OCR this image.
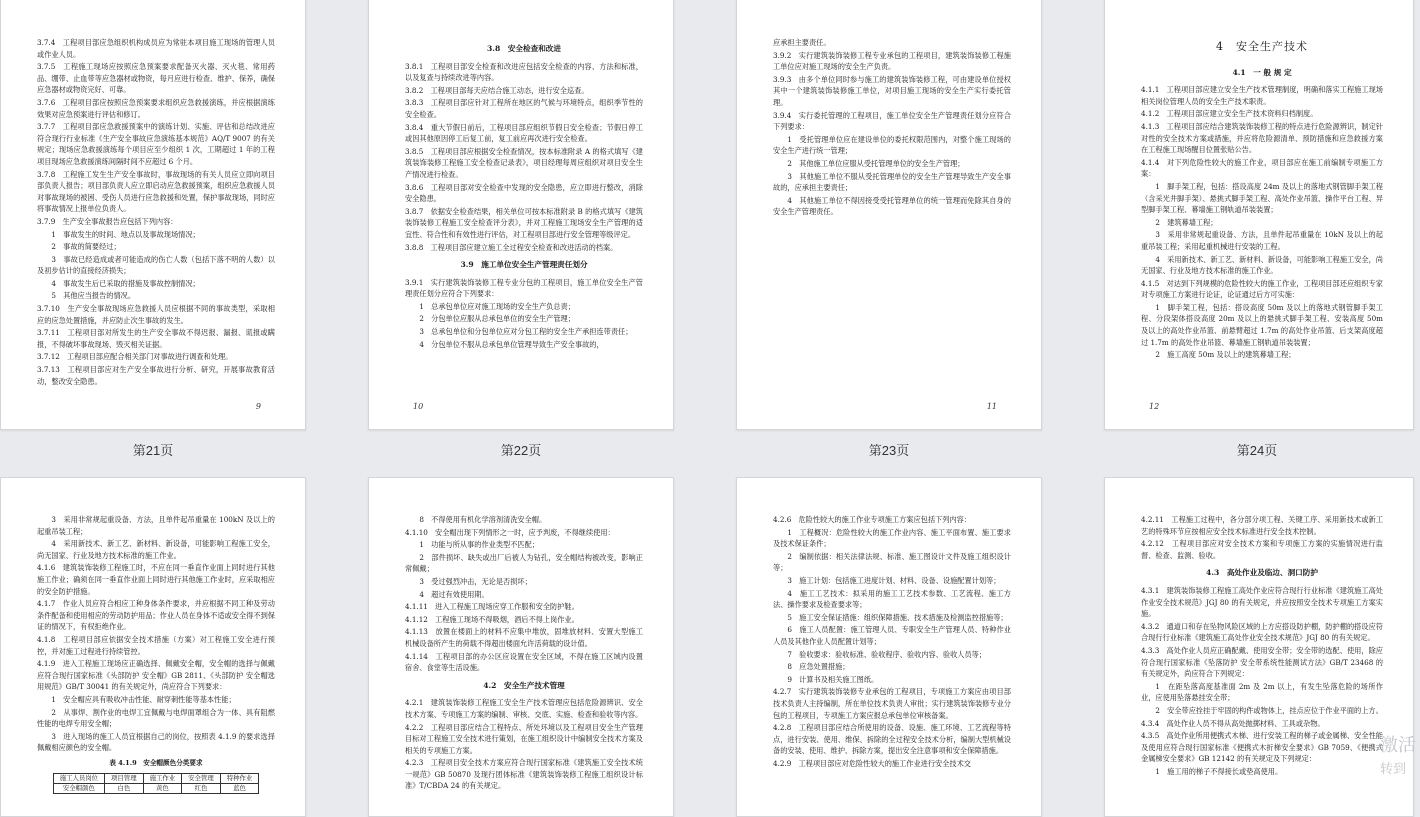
3.7.4　工程项目部应急组织机构成员应为常驻本项目施工现场的管理人员或作业人员。

3.7.5　工程施工现场应按照应急预案要求配备灭火器、灭火毯、常用药品、绷带、止血带等应急器材或物资，每月应进行检查、维护、保养，确保应急器材或物资完好、可靠。

3.7.6　工程项目部应按照应急预案要求组织应急救援演练，并应根据演练效果对应急预案进行评估和修订。

3.7.7　工程项目部应急救援预案中的演练计划、实施、评估和总结改进应符合现行行业标准《生产安全事故应急演练基本规范》AQ/T 9007 的有关规定；现场应急救援演练每个项目应至少组织 1 次，工期超过 1 年的工程项目现场应急救援演练间隔时间不应超过 6 个月。

3.7.8　工程施工发生生产安全事故时，事故现场的有关人员应立即向项目部负责人报告；项目部负责人应立即启动应急救援预案，组织应急救援人员对事故现场的被困、受伤人员进行应急救援和处置，保护事故现场，同时应将事故情况上报单位负责人。

3.7.9　生产安全事故报告应包括下列内容：

1　事故发生的时间、地点以及事故现场情况；

2　事故的简要经过；

3　事故已经造成或者可能造成的伤亡人数（包括下落不明的人数）以及初步估计的直接经济损失；

4　事故发生后已采取的措施及事故控制情况；

5　其他应当报告的情况。

3.7.10　生产安全事故现场应急救援人员应根据不同的事故类型，采取相应的应急处置措施，并应防止次生事故的发生。

3.7.11　工程项目部对所发生的生产安全事故不得迟报、漏报、谎报或瞒报，不得破坏事故现场、毁灭相关证据。

3.7.12　工程项目部应配合相关部门对事故进行调查和处理。

3.7.13　工程项目部应对生产安全事故进行分析、研究，开展事故教育活动，整改安全隐患。

9
第21页
3.8　安全检查和改进

3.8.1　工程项目部安全检查和改进应包括安全检查的内容、方法和标准，以及复查与持续改进等内容。

3.8.2　工程项目部每天应结合施工动态，进行安全巡查。

3.8.3　工程项目部应针对工程所在地区的气候与环境特点，组织季节性的安全检查。

3.8.4　重大节假日前后，工程项目部应组织节假日安全检查；节假日停工或因其他原因停工后复工前，复工前应再次进行安全检查。

3.8.5　工程项目部应根据安全检查情况，按本标准附录 A 的格式填写《建筑装饰装修工程施工安全检查记录表》，项目经理每周应组织对项目安全生产情况进行检查。

3.8.6　工程项目部对安全检查中发现的安全隐患，应立即进行整改，消除安全隐患。

3.8.7　依据安全检查结果，相关单位可按本标准附录 B 的格式填写《建筑装饰装修工程施工安全检查评分表》，并对工程施工现场安全生产管理的适宜性、符合性和有效性进行评估，对工程项目部进行安全管理等级评定。

3.8.8　工程项目部应建立施工全过程安全检查和改进活动的档案。

3.9　施工单位安全生产管理责任划分

3.9.1　实行建筑装饰装修工程专业分包的工程项目，施工单位安全生产管理责任划分应符合下列要求：

1　总承包单位应对施工现场的安全生产负总责；

2　分包单位应服从总承包单位的安全生产管理；

3　总承包单位和分包单位应对分包工程的安全生产承担连带责任；

4　分包单位不服从总承包单位管理导致生产安全事故的，

10
第22页

应承担主要责任。

3.9.2　实行建筑装饰装修工程专业承包的工程项目，建筑装饰装修工程施工单位应对施工现场的安全生产负责。

3.9.3　由多个单位同时参与施工的建筑装饰装修工程，可由建设单位授权其中一个建筑装饰装修施工单位，对项目施工现场的安全生产实行委托管理。

3.9.4　实行委托管理的工程项目，施工单位安全生产管理责任划分应符合下列要求：

1　受托管理单位应在建设单位的委托权限范围内，对整个施工现场的安全生产进行统一管理；

2　其他施工单位应服从受托管理单位的安全生产管理；

3　其他施工单位不服从受托管理单位的安全生产管理导致生产安全事故的，应承担主要责任；

4　其他施工单位不得因接受受托管理单位的统一管理而免除其自身的安全生产管理责任。

11
第23页
4　安全生产技术
4.1　一 般 规 定

4.1.1　工程项目部应建立安全生产技术管理制度，明确和落实工程施工现场相关岗位管理人员的安全生产技术职责。

4.1.2　工程项目部应建立安全生产技术资料归档制度。

4.1.3　工程项目部应结合建筑装饰装修工程的特点进行危险源辨识，制定针对性的安全技术方案或措施，并应将危险源清单、预防措施和应急救援方案在工程施工现场醒目位置张贴公告。

4.1.4　对下列危险性较大的施工作业，项目部应在施工前编制专项施工方案：

1　脚手架工程，包括：搭设高度 24m 及以上的落地式钢管脚手架工程（含采光井脚手架）、悬挑式脚手架工程、高处作业吊篮、操作平台工程、异型脚手架工程、幕墙施工钢轨道吊装装置；

2　建筑幕墙工程；

3　采用非常规起重设备、方法，且单件起吊重量在 10kN 及以上的起重吊装工程；采用起重机械进行安装的工程。

4　采用新技术、新工艺、新材料、新设备，可能影响工程施工安全，尚无国家、行业及地方技术标准的施工作业。

4.1.5　对达到下列规模的危险性较大的施工作业，工程项目部还应组织专家对专项施工方案进行论证，论证通过后方可实施：

1　脚手架工程，包括：搭设高度 50m 及以上的落地式钢管脚手架工程、分段架体搭设高度 20m 及以上的悬挑式脚手架工程、安装高度 50m 及以上的高处作业吊篮、前悬臂超过 1.7m 的高处作业吊篮、后支架高度超过 1.7m 的高处作业吊篮、幕墙施工钢轨道吊装装置；

2　施工高度 50m 及以上的建筑幕墙工程；

12
第24页

3　采用非常规起重设备、方法，且单件起吊重量在 100kN 及以上的起重吊装工程；

4　采用新技术、新工艺、新材料、新设备，可能影响工程施工安全，尚无国家、行业及地方技术标准的施工作业。

4.1.6　建筑装饰装修工程施工时，不应在同一垂直作业面上同时进行其他施工作业；确须在同一垂直作业面上同时进行其他施工作业时，应采取相应的安全防护措施。

4.1.7　作业人员应符合相应工种身体条件要求，并应根据不同工种及劳动条件配备和使用相应的劳动防护用品；作业人员在身体不适或安全得不到保证的情况下，有权拒绝作业。

4.1.8　工程项目部应依据安全技术措施（方案）对工程施工安全进行预控，并对施工过程进行持续管控。

4.1.9　进入工程施工现场应正确选择、佩戴安全帽，安全帽的选择与佩戴应符合现行国家标准《头部防护 安全帽》GB 2811、《头部防护 安全帽选用规范》GB/T 30041 的有关规定外，尚应符合下列要求：

1　安全帽应具有吸收冲击性能、耐穿刺性能等基本性能；

2　从事焊、割作业的电焊工宜佩戴与电焊面罩组合为一体、具有阻燃性能的电焊专用安全帽；

3　进入现场的施工人员宜根据自己的岗位，按照表 4.1.9 的要求选择佩戴相应颜色的安全帽。

表 4.1.9　安全帽颜色分类要求
施工人员岗位	项目管理	施工作业	安全管理	特种作业
安全帽颜色	白色	黄色	红色	蓝色

8　不得使用有机化学溶剂清洗安全帽。

4.1.10　安全帽出现下列情形之一时，应予判废，不得继续使用：

1　功能与所从事的作业类型不匹配；

2　部件损坏、缺失或出厂后被人为钻孔，安全帽结构被改变，影响正常佩戴；

3　受过强烈冲击，无论是否损坏；

4　超过有效使用期。

4.1.11　进入工程施工现场应穿工作服和安全防护鞋。

4.1.12　工程施工现场不得吸烟，酒后不得上岗作业。

4.1.13　放置在楼面上的材料不应集中堆放，固堆放材料、安置大型施工机械设备所产生的荷载不得超出楼面允许活荷载的设计值。

4.1.14　工程项目部的办公区应设置在安全区域，不得在施工区域内设置宿舍、食堂等生活设施。

4.2　安全生产技术管理

4.2.1　建筑装饰装修工程施工安全生产技术管理应包括危险源辨识、安全技术方案、专项施工方案的编制、审核、交底、实施、检查和验收等内容。

4.2.2　工程项目部应结合工程特点、所处环境以及工程项目安全生产管理目标对工程施工安全技术进行策划，在施工组织设计中编制安全技术方案及相关的专项施工方案。

4.2.3　工程项目安全技术方案应符合现行国家标准《建筑施工安全技术统一规范》GB 50870 及现行团体标准《建筑装饰装修工程施工组织设计标准》T/CBDA 24 的有关规定。

4.2.6　危险性较大的施工作业专项施工方案应包括下列内容：

1　工程概况：危险性较大的施工作业内容、施工平面布置、施工要求及技术保证条件；

2　编制依据：相关法律法规、标准、施工图设计文件及施工组织设计等；

3　施工计划：包括施工进度计划、材料、设备、设施配置计划等；

4　施工工艺技术：拟采用的施工工艺技术参数、工艺流程、施工方法、操作要求及检查要求等；

5　施工安全保证措施：组织保障措施、技术措施及检测监控措施等；

6　施工人员配置：施工管理人员、专职安全生产管理人员、特种作业人员及其他作业人员配置计划等；

7　验收要求：验收标准、验收程序、验收内容、验收人员等；

8　应急处置措施；

9　计算书及相关施工图纸。

4.2.7　实行建筑装饰装修专业承包的工程项目，专项施工方案应由项目部技术负责人主持编制，所在单位技术负责人审批；实行建筑装饰装修专业分包的工程项目，专项施工方案应报总承包单位审核备案。

4.2.8　工程项目部应结合所使用的设备、设施、施工环境、工艺流程等特点，进行安装、使用、维保、拆除的全过程安全技术分析，编制大型机械设备的安装、使用、维护、拆除方案，提出安全注意事项和安全保障措施。

4.2.9　工程项目部应对危险性较大的施工作业进行安全技术交

4.2.11　工程施工过程中，各分部分项工程、关键工序、采用新技术或新工艺的特殊环节应按相应安全技术标准进行安全技术控制。

4.2.12　工程项目部应对安全技术方案和专项施工方案的实施情况进行监督、检查、监测、验收。

4.3　高处作业及临边、洞口防护

4.3.1　建筑装饰装修工程施工高处作业应符合现行行业标准《建筑施工高处作业安全技术规范》JGJ 80 的有关规定，并应按照安全技术专项施工方案实施。

4.3.2　通道口和存在坠物风险区域的上方应搭设防护棚，防护棚的搭设应符合现行行业标准《建筑施工高处作业安全技术规范》JGJ 80 的有关规定。

4.3.3　高处作业人员应正确配戴、使用安全带；安全带的选配、使用，除应符合现行国家标准《坠落防护 安全带系统性能测试方法》GB/T 23468 的有关规定外，尚应符合下列规定：

1　在距坠落高度基准面 2m 及 2m 以上，有发生坠落危险的场所作业，应使用坠落悬挂安全带；

2　安全带应拴挂于牢固的构件或物体上，挂点应位于作业平面的上方。

4.3.4　高处作业人员不得从高处抛掷材料、工具或杂物。

4.3.5　高处作业所用便携式木梯、进行安装工程的梯子或金属梯、安全性能及使用应符合现行国家标准《便携式木折梯安全要求》GB 7059、《便携式金属梯安全要求》GB 12142 的有关规定及下列规定：

1　施工用的梯子不得接长或垫高使用。

激活
转到
